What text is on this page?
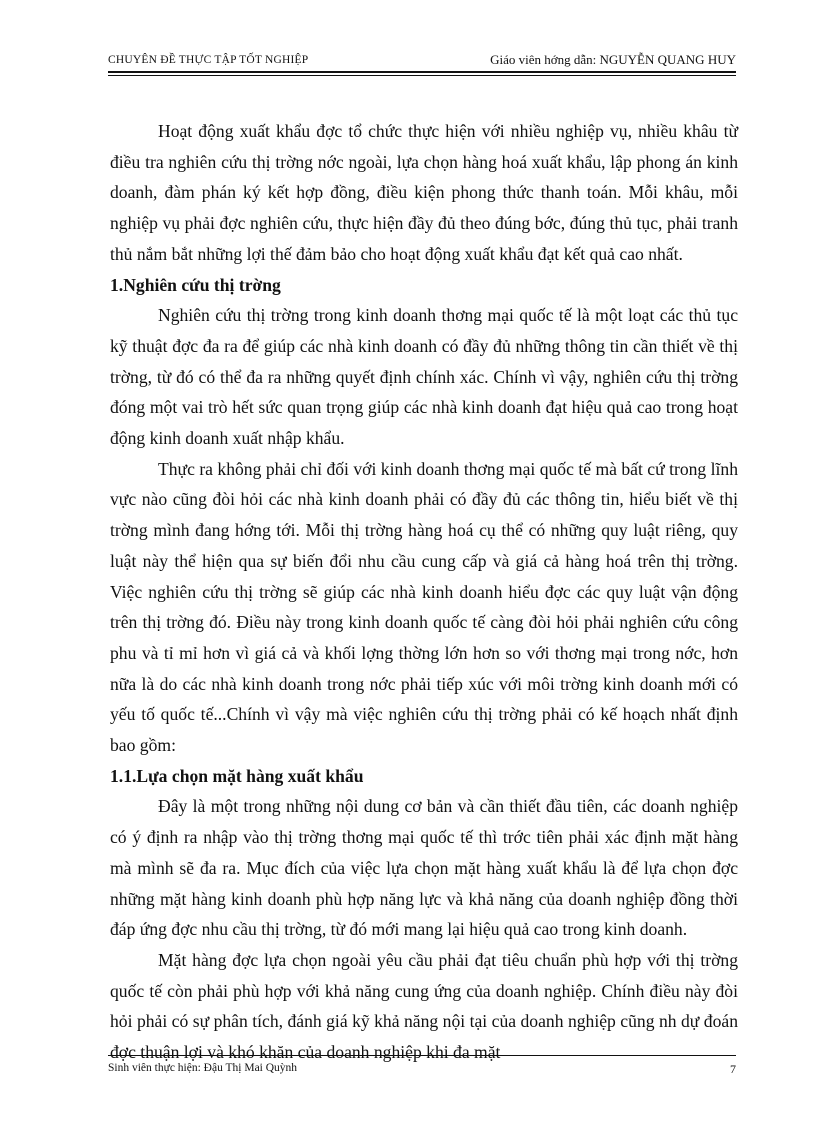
CHUYÊN ĐỀ THỰC TẬP TỐT NGHIỆP	Giáo viên hớng dẫn: NGUYỄN QUANG HUY

Hoạt động xuất khẩu đợc tổ chức thực hiện với nhiều nghiệp vụ, nhiều khâu từ điều tra nghiên cứu thị trờng nớc ngoài, lựa chọn hàng hoá xuất khẩu, lập phong án kinh doanh, đàm phán ký kết hợp đồng, điều kiện phong thức thanh toán. Mỗi khâu, mỗi nghiệp vụ phải đợc nghiên cứu, thực hiện đầy đủ theo đúng bớc, đúng thủ tục, phải tranh thủ nắm bắt những lợi thế đảm bảo cho hoạt động xuất khẩu đạt kết quả cao nhất.

1.Nghiên cứu thị trờng

Nghiên cứu thị trờng trong kinh doanh thơng mại quốc tế là một loạt các thủ tục kỹ thuật đợc đa ra để giúp các nhà kinh doanh có đầy đủ những thông tin cần thiết về thị trờng, từ đó có thể đa ra những quyết định chính xác. Chính vì vậy, nghiên cứu thị trờng đóng một vai trò hết sức quan trọng giúp các nhà kinh doanh đạt hiệu quả cao trong hoạt động kinh doanh xuất nhập khẩu.

Thực ra không phải chỉ đối với kinh doanh thơng mại quốc tế mà bất cứ trong lĩnh vực nào cũng đòi hỏi các nhà kinh doanh phải có đầy đủ các thông tin, hiểu biết về thị trờng mình đang hớng tới. Mỗi thị trờng hàng hoá cụ thể có những quy luật riêng, quy luật này thể hiện qua sự biến đổi nhu cầu cung cấp và giá cả hàng hoá trên thị trờng. Việc nghiên cứu thị trờng sẽ giúp các nhà kinh doanh hiểu đợc các quy luật vận động trên thị trờng đó. Điều này trong kinh doanh quốc tế càng đòi hỏi phải nghiên cứu công phu và tỉ mỉ hơn vì giá cả và khối lợng thờng lớn hơn so với thơng mại trong nớc, hơn nữa là do các nhà kinh doanh trong nớc phải tiếp xúc với môi trờng kinh doanh mới có yếu tố quốc tế...Chính vì vậy mà việc nghiên cứu thị trờng phải có kế hoạch nhất định bao gồm:

1.1.Lựa chọn mặt hàng xuất khẩu

Đây là một trong những nội dung cơ bản và cần thiết đầu tiên, các doanh nghiệp có ý định ra nhập vào thị trờng thơng mại quốc tế thì trớc tiên phải xác định mặt hàng mà mình sẽ đa ra. Mục đích của việc lựa chọn mặt hàng xuất khẩu là để lựa chọn đợc những mặt hàng kinh doanh phù hợp năng lực và khả năng của doanh nghiệp đồng thời đáp ứng đợc nhu cầu thị trờng, từ đó mới mang lại hiệu quả cao trong kinh doanh.

Mặt hàng đợc lựa chọn ngoài yêu cầu phải đạt tiêu chuẩn phù hợp với thị trờng quốc tế còn phải phù hợp với khả năng cung ứng của doanh nghiệp. Chính điều này đòi hỏi phải có sự phân tích, đánh giá kỹ khả năng nội tại của doanh nghiệp cũng nh dự đoán đợc thuận lợi và khó khăn của doanh nghiệp khi đa mặt

Sinh viên thực hiện: Đậu Thị Mai Quỳnh	7
